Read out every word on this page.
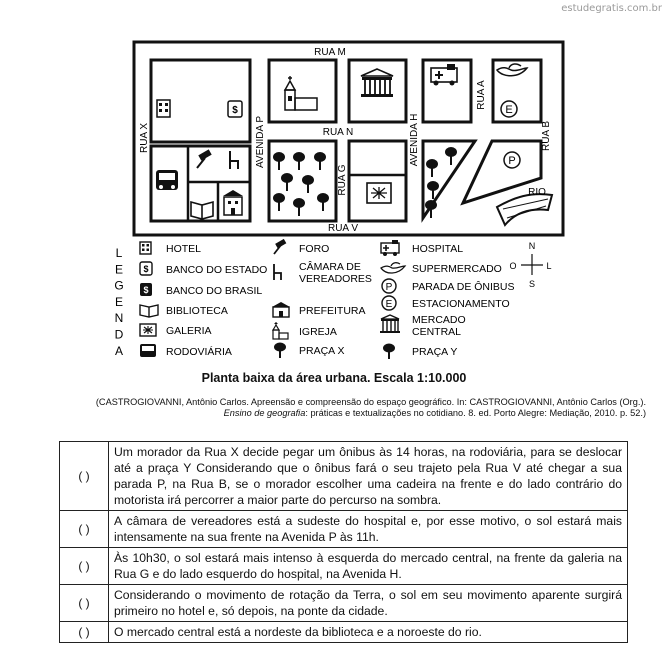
estudegratis.com.br
RUA M
RUA N
RUA V
RUA X	AVENIDA P	AVENIDA H
RUA G
RUA A
RUA B
RIO
$	E
P
L
E
G
E
N
D
A
HOTEL
$ BANCO DO ESTADO
$ BANCO DO BRASIL
BIBLIOTECA
GALERIA
RODOVIÁRIA
FORO
CÂMARA DE
VEREADORES
PREFEITURA
IGREJA
PRAÇA X
HOSPITAL
SUPERMERCADO
P PARADA DE ÔNIBUS
E ESTACIONAMENTO
MERCADO
CENTRAL
PRAÇA Y
N
S
O	L
Planta baixa da área urbana. Escala 1:10.000
(CASTROGIOVANNI, Antônio Carlos. Apreensão e compreensão do espaço geográfico. In: CASTROGIOVANNI, Antônio Carlos (Org.).
Ensino de geografia: práticas e textualizações no cotidiano. 8. ed. Porto Alegre: Mediação, 2010. p. 52.)
( )	Um morador da Rua X decide pegar um ônibus às 14 horas, na rodoviária, para se deslocar até a praça Y Considerando que o ônibus fará o seu trajeto pela Rua V até chegar a sua parada P, na Rua B, se o morador escolher uma cadeira na frente e do lado contrário do motorista irá percorrer a maior parte do percurso na sombra.
( )	A câmara de vereadores está a sudeste do hospital e, por esse motivo, o sol estará mais intensamente na sua frente na Avenida P às 11h.
( )	Às 10h30, o sol estará mais intenso à esquerda do mercado central, na frente da galeria na Rua G e do lado esquerdo do hospital, na Avenida H.
( )	Considerando o movimento de rotação da Terra, o sol em seu movimento aparente surgirá primeiro no hotel e, só depois, na ponte da cidade.
( )	O mercado central está a nordeste da biblioteca e a noroeste do rio.
